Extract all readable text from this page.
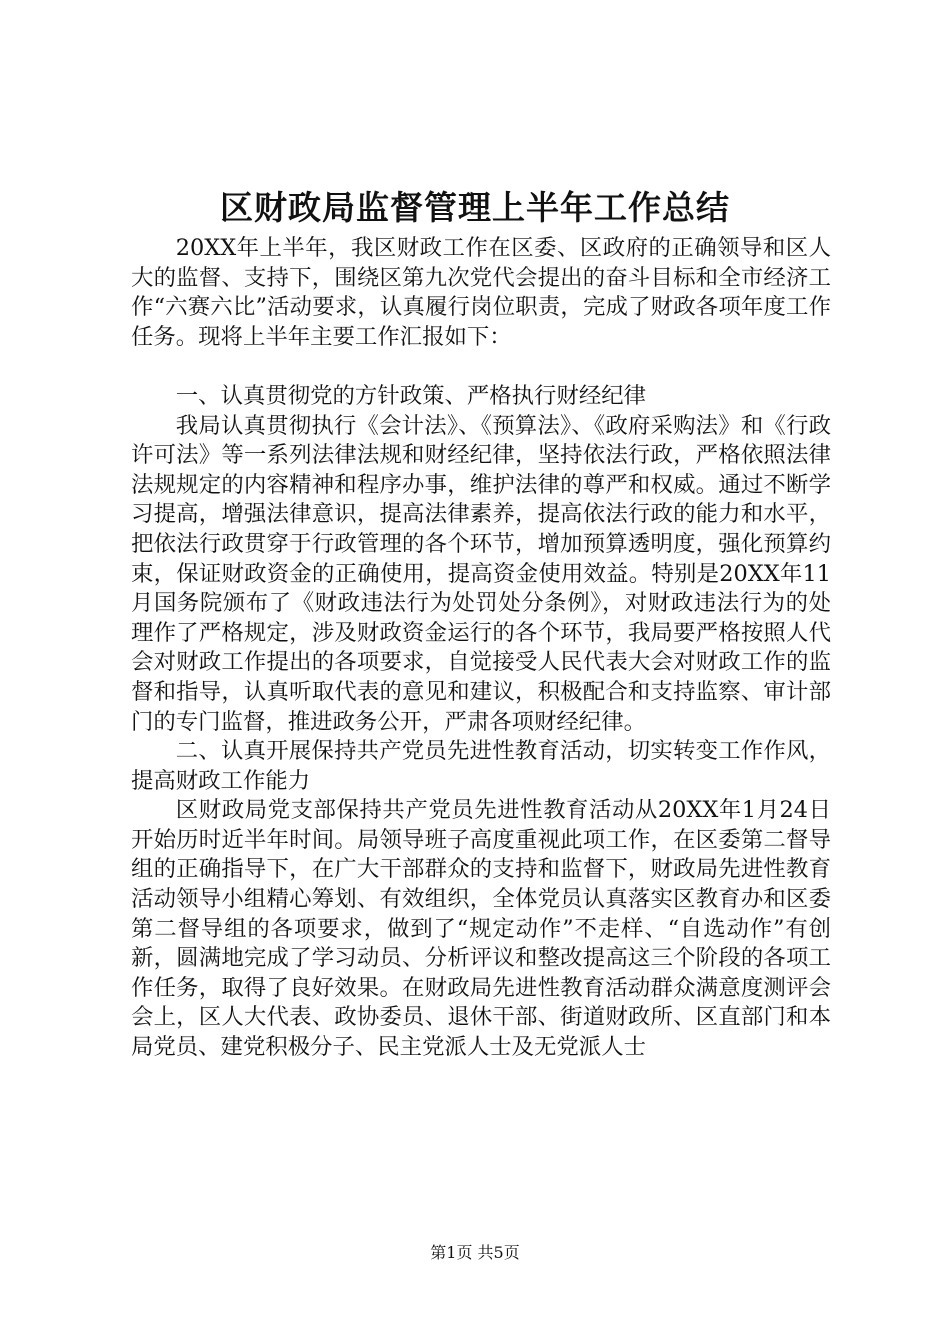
区财政局监督管理上半年工作总结

20XX年上半年，我区财政工作在区委、区政府的正确领导和区人大的监督、支持下，围绕区第九次党代会提出的奋斗目标和全市经济工作“六赛六比”活动要求，认真履行岗位职责，完成了财政各项年度工作任务。现将上半年主要工作汇报如下：

一、认真贯彻党的方针政策、严格执行财经纪律

我局认真贯彻执行《会计法》、《预算法》、《政府采购法》和《行政许可法》等一系列法律法规和财经纪律，坚持依法行政，严格依照法律法规规定的内容精神和程序办事，维护法律的尊严和权威。通过不断学习提高，增强法律意识，提高法律素养，提高依法行政的能力和水平，把依法行政贯穿于行政管理的各个环节，增加预算透明度，强化预算约束，保证财政资金的正确使用，提高资金使用效益。特别是20XX年11月国务院颁布了《财政违法行为处罚处分条例》，对财政违法行为的处理作了严格规定，涉及财政资金运行的各个环节，我局要严格按照人代会对财政工作提出的各项要求，自觉接受人民代表大会对财政工作的监督和指导，认真听取代表的意见和建议，积极配合和支持监察、审计部门的专门监督，推进政务公开，严肃各项财经纪律。

二、认真开展保持共产党员先进性教育活动，切实转变工作作风，提高财政工作能力

区财政局党支部保持共产党员先进性教育活动从20XX年1月24日开始历时近半年时间。局领导班子高度重视此项工作，在区委第二督导组的正确指导下，在广大干部群众的支持和监督下，财政局先进性教育活动领导小组精心筹划、有效组织，全体党员认真落实区教育办和区委第二督导组的各项要求，做到了“规定动作”不走样、“自选动作”有创新，圆满地完成了学习动员、分析评议和整改提高这三个阶段的各项工作任务，取得了良好效果。在财政局先进性教育活动群众满意度测评会会上，区人大代表、政协委员、退休干部、街道财政所、区直部门和本局党员、建党积极分子、民主党派人士及无党派人士

第1页 共5页
